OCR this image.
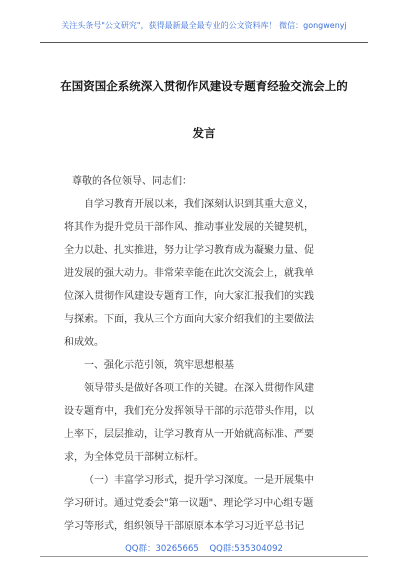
关注头条号"公文研究"，获得最新最全最专业的公文资料库！ 微信：gongwenyj
在国资国企系统深入贯彻作风建设专题育经验交流会上的
发言
尊敬的各位领导、同志们：
自学习教育开展以来，我们深刻认识到其重大意义，
将其作为提升党员干部作风、推动事业发展的关键契机，
全力以赴、扎实推进，努力让学习教育成为凝聚力量、促
进发展的强大动力。非常荣幸能在此次交流会上，就我单
位深入贯彻作风建设专题育工作，向大家汇报我们的实践
与探索。下面，我从三个方面向大家介绍我们的主要做法
和成效。
一、强化示范引领，筑牢思想根基
领导带头是做好各项工作的关键。在深入贯彻作风建
设专题育中，我们充分发挥领导干部的示范带头作用，以
上率下，层层推动，让学习教育从一开始就高标准、严要
求，为全体党员干部树立标杆。
（一）丰富学习形式，提升学习深度。一是开展集中
学习研讨。通过党委会"第一议题"、理论学习中心组专题
学习等形式，组织领导干部原原本本学习习近平总书记
QQ群：30265665 QQ群:535304092
